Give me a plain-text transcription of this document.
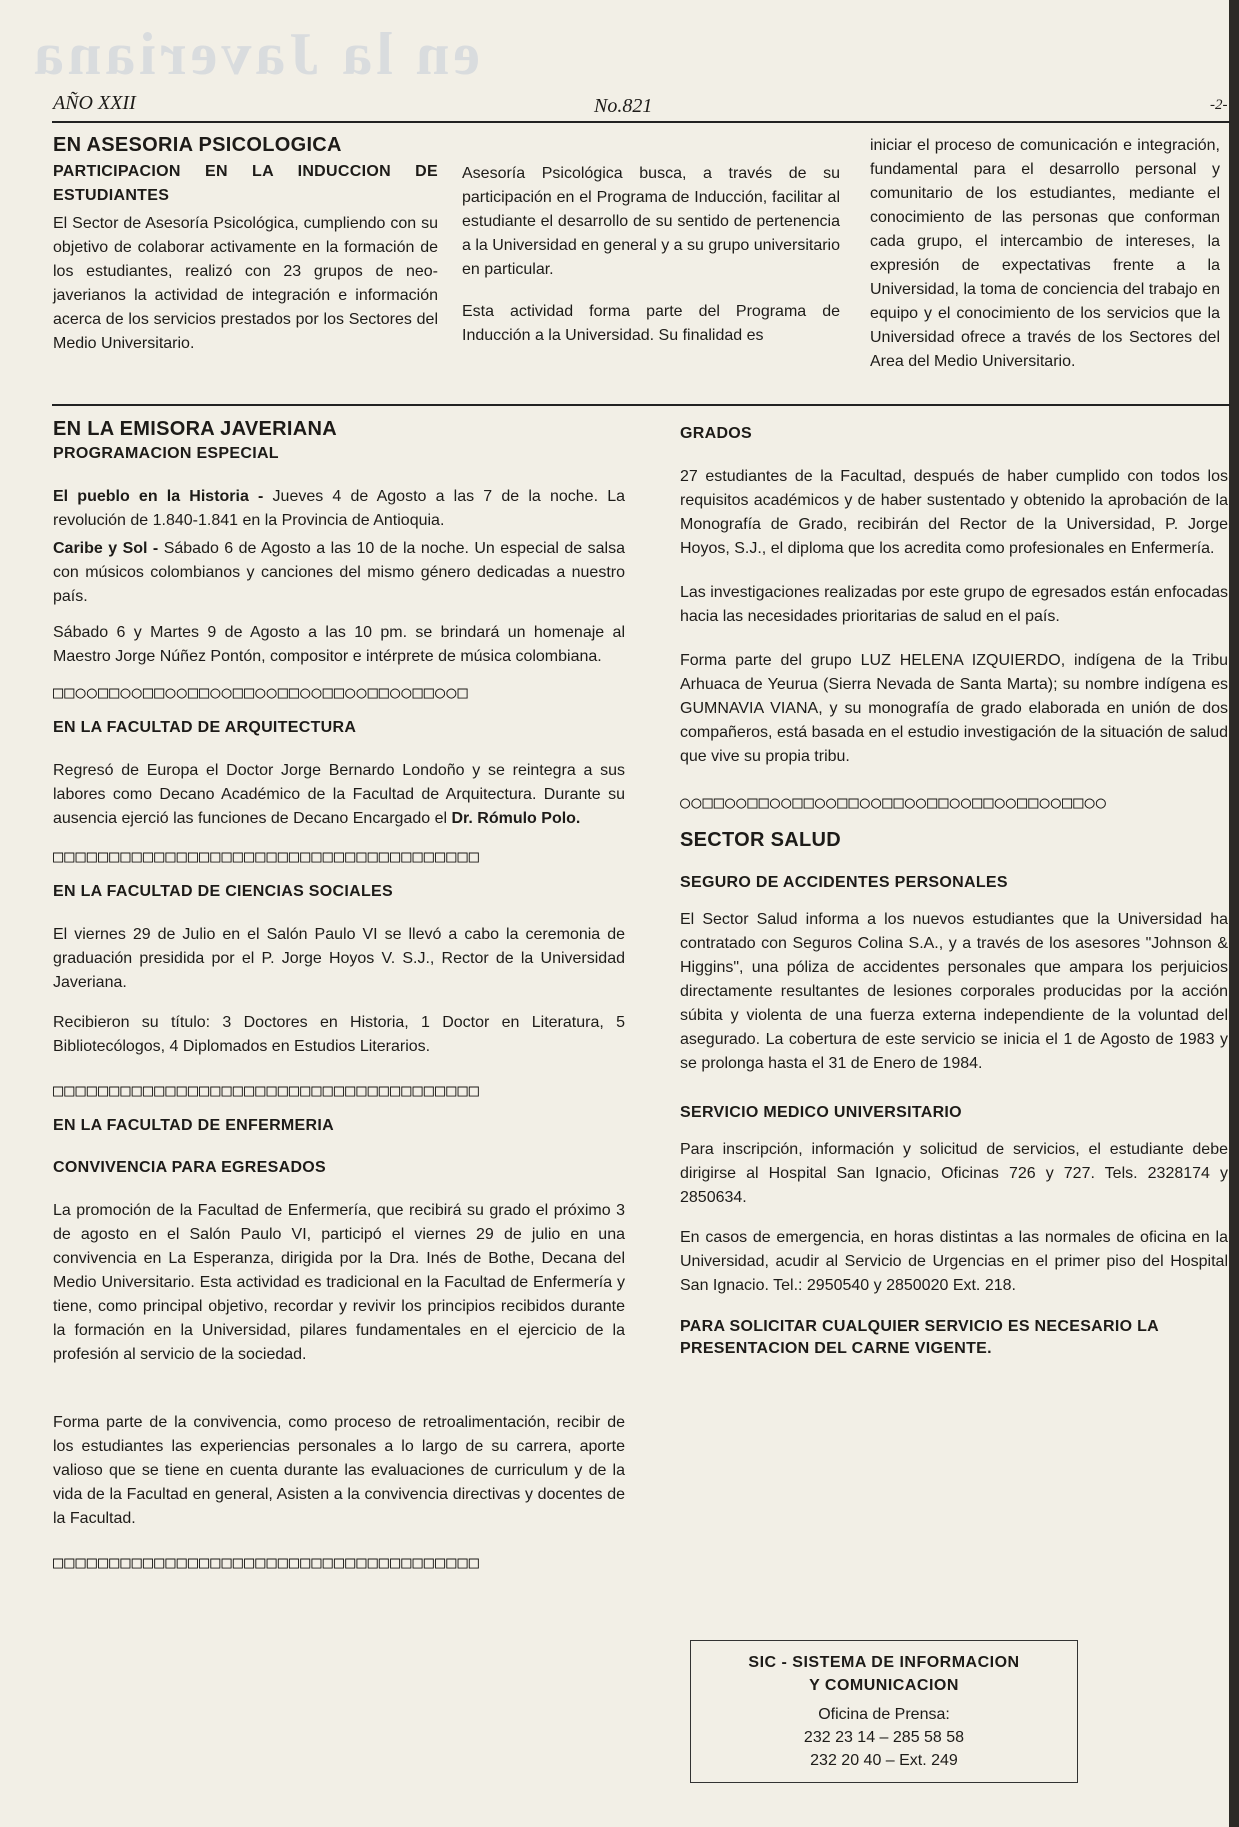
en la Javeriana
AÑO XXII	No.821	-2-

EN ASESORIA PSICOLOGICA

PARTICIPACION EN LA INDUCCION DE ESTUDIANTES

El Sector de Asesoría Psicológica, cumpliendo con su objetivo de colaborar activamente en la formación de los estudiantes, realizó con 23 grupos de neo-javerianos la actividad de integración e información acerca de los servicios prestados por los Sectores del Medio Universitario.

Asesoría Psicológica busca, a través de su participación en el Programa de Inducción, facilitar al estudiante el desarrollo de su sentido de pertenencia a la Universidad en general y a su grupo universitario en particular.

Esta actividad forma parte del Programa de Inducción a la Universidad. Su finalidad es

iniciar el proceso de comunicación e integración, fundamental para el desarrollo personal y comunitario de los estudiantes, mediante el conocimiento de las personas que conforman cada grupo, el intercambio de intereses, la expresión de expectativas frente a la Universidad, la toma de conciencia del trabajo en equipo y el conocimiento de los servicios que la Universidad ofrece a través de los Sectores del Area del Medio Universitario.

EN LA EMISORA JAVERIANA

PROGRAMACION ESPECIAL

El pueblo en la Historia - Jueves 4 de Agosto a las 7 de la noche. La revolución de 1.840-1.841 en la Provincia de Antioquia.

Caribe y Sol - Sábado 6 de Agosto a las 10 de la noche. Un especial de salsa con músicos colombianos y canciones del mismo género dedicadas a nuestro país.

Sábado 6 y Martes 9 de Agosto a las 10 pm. se brindará un homenaje al Maestro Jorge Núñez Pontón, compositor e intérprete de música colombiana.

□□○○□□○○□□○○□□○○□□○○□□○○□□○○□□○○□□○○□

EN LA FACULTAD DE ARQUITECTURA

Regresó de Europa el Doctor Jorge Bernardo Londoño y se reintegra a sus labores como Decano Académico de la Facultad de Arquitectura. Durante su ausencia ejerció las funciones de Decano Encargado el Dr. Rómulo Polo.

□□□□□□□□□□□□□□□□□□□□□□□□□□□□□□□□□□□□□□

EN LA FACULTAD DE CIENCIAS SOCIALES

El viernes 29 de Julio en el Salón Paulo VI se llevó a cabo la ceremonia de graduación presidida por el P. Jorge Hoyos V. S.J., Rector de la Universidad Javeriana.

Recibieron su título: 3 Doctores en Historia, 1 Doctor en Literatura, 5 Bibliotecólogos, 4 Diplomados en Estudios Literarios.

□□□□□□□□□□□□□□□□□□□□□□□□□□□□□□□□□□□□□□

EN LA FACULTAD DE ENFERMERIA

CONVIVENCIA PARA EGRESADOS

La promoción de la Facultad de Enfermería, que recibirá su grado el próximo 3 de agosto en el Salón Paulo VI, participó el viernes 29 de julio en una convivencia en La Esperanza, dirigida por la Dra. Inés de Bothe, Decana del Medio Universitario. Esta actividad es tradicional en la Facultad de Enfermería y tiene, como principal objetivo, recordar y revivir los principios recibidos durante la formación en la Universidad, pilares fundamentales en el ejercicio de la profesión al servicio de la sociedad.

Forma parte de la convivencia, como proceso de retroalimentación, recibir de los estudiantes las experiencias personales a lo largo de su carrera, aporte valioso que se tiene en cuenta durante las evaluaciones de curriculum y de la vida de la Facultad en general, Asisten a la convivencia directivas y docentes de la Facultad.

□□□□□□□□□□□□□□□□□□□□□□□□□□□□□□□□□□□□□□

GRADOS

27 estudiantes de la Facultad, después de haber cumplido con todos los requisitos académicos y de haber sustentado y obtenido la aprobación de la Monografía de Grado, recibirán del Rector de la Universidad, P. Jorge Hoyos, S.J., el diploma que los acredita como profesionales en Enfermería.

Las investigaciones realizadas por este grupo de egresados están enfocadas hacia las necesidades prioritarias de salud en el país.

Forma parte del grupo LUZ HELENA IZQUIERDO, indígena de la Tribu Arhuaca de Yeurua (Sierra Nevada de Santa Marta); su nombre indígena es GUMNAVIA VIANA, y su monografía de grado elaborada en unión de dos compañeros, está basada en el estudio investigación de la situación de salud que vive su propia tribu.

○○□□○○□□○○□□○○□□○○□□○○□□○○□□○○□□○○□□○○

SECTOR SALUD

SEGURO DE ACCIDENTES PERSONALES

El Sector Salud informa a los nuevos estudiantes que la Universidad ha contratado con Seguros Colina S.A., y a través de los asesores "Johnson & Higgins", una póliza de accidentes personales que ampara los perjuicios directamente resultantes de lesiones corporales producidas por la acción súbita y violenta de una fuerza externa independiente de la voluntad del asegurado. La cobertura de este servicio se inicia el 1 de Agosto de 1983 y se prolonga hasta el 31 de Enero de 1984.

SERVICIO MEDICO UNIVERSITARIO

Para inscripción, información y solicitud de servicios, el estudiante debe dirigirse al Hospital San Ignacio, Oficinas 726 y 727. Tels. 2328174 y 2850634.

En casos de emergencia, en horas distintas a las normales de oficina en la Universidad, acudir al Servicio de Urgencias en el primer piso del Hospital San Ignacio. Tel.: 2950540 y 2850020 Ext. 218.

PARA SOLICITAR CUALQUIER SERVICIO ES NECESARIO LA PRESENTACION DEL CARNE VIGENTE.

SIC - SISTEMA DE INFORMACION
Y COMUNICACION
Oficina de Prensa:
232 23 14 – 285 58 58
232 20 40 – Ext. 249
